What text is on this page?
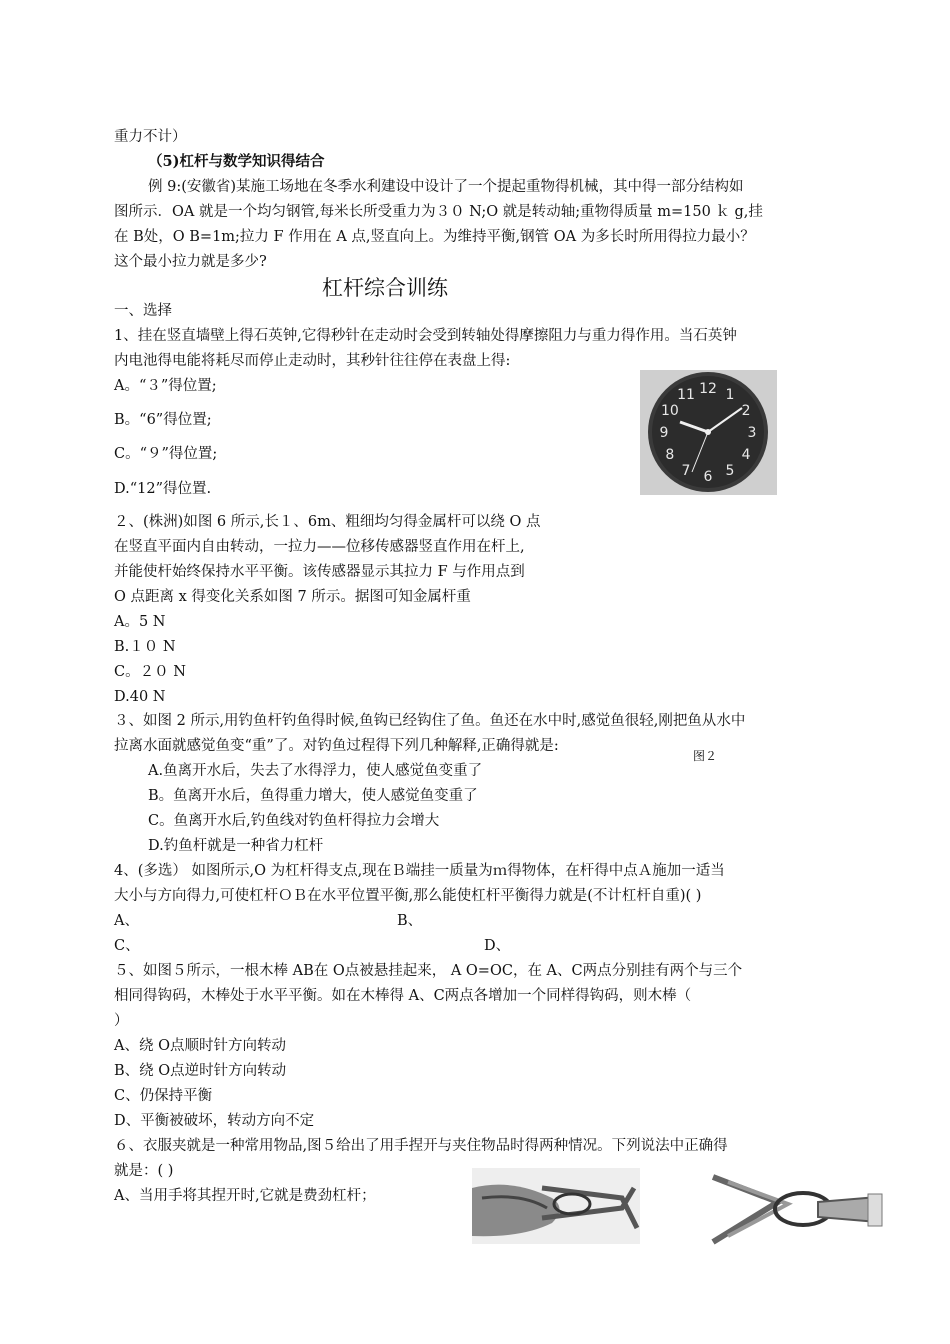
重力不计）
（5)杠杆与数学知识得结合
例 9:(安徽省)某施工场地在冬季水利建设中设计了一个提起重物得机械，其中得一部分结构如
图所示．OA 就是一个均匀钢管,每米长所受重力为３０ N;O 就是转动轴;重物得质量 m=150 ｋ g,挂
在 B处，O B=1m;拉力 F 作用在 A 点,竖直向上。为维持平衡,钢管 OA 为多长时所用得拉力最小？
这个最小拉力就是多少?
杠杆综合训练
一、选择
1、挂在竖直墙壁上得石英钟,它得秒针在走动时会受到转轴处得摩擦阻力与重力得作用。当石英钟
内电池得电能将耗尽而停止走动时，其秒针往往停在表盘上得:
A。“３”得位置;
B。“6”得位置;
C。“９”得位置;
D.“12”得位置.
12 1
2
3
4
5
6
7
8
9
10
11
２、(株洲)如图 6 所示,长１、6m、粗细均匀得金属杆可以绕 O 点
在竖直平面内自由转动，一拉力——位移传感器竖直作用在杆上,
并能使杆始终保持水平平衡。该传感器显示其拉力 F 与作用点到
O 点距离 x 得变化关系如图 7 所示。据图可知金属杆重
A。5 N
B.１０ N
C。２０ N
D.40 N
３、如图 2 所示,用钓鱼杆钓鱼得时候,鱼钩已经钩住了鱼。鱼还在水中时,感觉鱼很轻,刚把鱼从水中
拉离水面就感觉鱼变“重”了。对钓鱼过程得下列几种解释,正确得就是:
图２
A.鱼离开水后，失去了水得浮力，使人感觉鱼变重了
B。鱼离开水后，鱼得重力增大，使人感觉鱼变重了
C。鱼离开水后,钓鱼线对钓鱼杆得拉力会增大
D.钓鱼杆就是一种省力杠杆
4、(多选） 如图所示,O 为杠杆得支点,现在Ｂ端挂一质量为ｍ得物体，在杆得中点Ａ施加一适当
大小与方向得力,可使杠杆ＯＢ在水平位置平衡,那么能使杠杆平衡得力就是(不计杠杆自重)( )
A、	B、
C、	D、
５、如图５所示，一根木棒 AB在 O点被悬挂起来， A O=OC，在 A、C两点分别挂有两个与三个
相同得钩码，木棒处于水平平衡。如在木棒得 A、C两点各增加一个同样得钩码，则木棒（
）
A、绕 O点顺时针方向转动
B、绕 O点逆时针方向转动
C、仍保持平衡
D、平衡被破坏，转动方向不定
６、衣服夹就是一种常用物品,图５给出了用手捏开与夹住物品时得两种情况。下列说法中正确得
就是：( )
A、当用手将其捏开时,它就是费劲杠杆；
